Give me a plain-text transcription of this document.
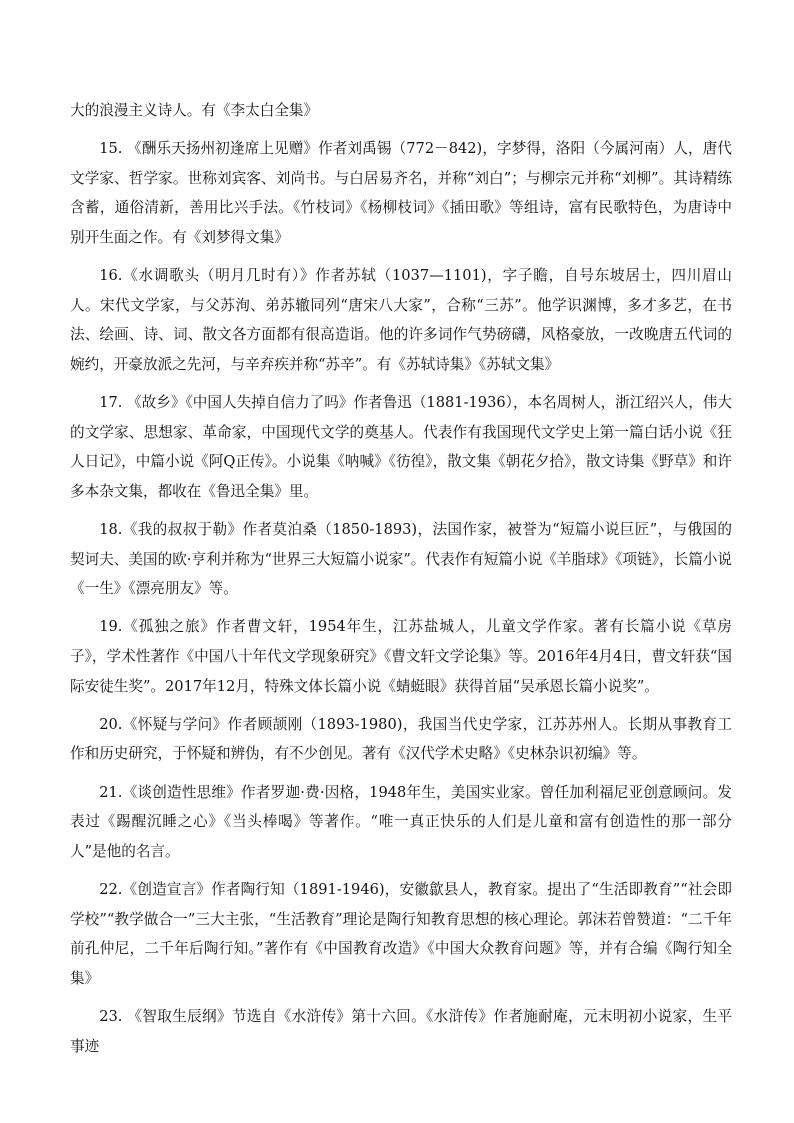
大的浪漫主义诗人。有《李太白全集》

15. 《酬乐天扬州初逢席上见赠》作者刘禹锡（772－842)，字梦得，洛阳（今属河南）人，唐代文学家、哲学家。世称刘宾客、刘尚书。与白居易齐名，并称“刘白”；与柳宗元并称“刘柳”。其诗精练含蓄，通俗清新，善用比兴手法。《竹枝词》《杨柳枝词》《插田歌》等组诗，富有民歌特色，为唐诗中别开生面之作。有《刘梦得文集》

16.《水调歌头（明月几时有）》作者苏轼（1037—1101)，字子瞻，自号东坡居士，四川眉山人。宋代文学家，与父苏洵、弟苏辙同列“唐宋八大家”，合称“三苏”。他学识渊博，多才多艺，在书法、绘画、诗、词、散文各方面都有很高造诣。他的许多词作气势磅礴，风格豪放，一改晚唐五代词的婉约，开豪放派之先河，与辛弃疾并称“苏辛”。有《苏轼诗集》《苏轼文集》

17. 《故乡》《中国人失掉自信力了吗》作者鲁迅（1881-1936），本名周树人，浙江绍兴人，伟大的文学家、思想家、革命家，中国现代文学的奠基人。代表作有我国现代文学史上第一篇白话小说《狂人日记》，中篇小说《阿Q正传》。小说集《呐喊》《彷徨》，散文集《朝花夕拾》，散文诗集《野草》和许多本杂文集，都收在《鲁迅全集》里。

18.《我的叔叔于勒》作者莫泊桑（1850-1893)，法国作家，被誉为“短篇小说巨匠”，与俄国的契诃夫、美国的欧·亨利并称为“世界三大短篇小说家”。代表作有短篇小说《羊脂球》《项链》，长篇小说《一生》《漂亮朋友》等。

19.《孤独之旅》作者曹文轩，1954年生，江苏盐城人，儿童文学作家。著有长篇小说《草房子》，学术性著作《中国八十年代文学现象研究》《曹文轩文学论集》等。2016年4月4日，曹文轩获“国际安徒生奖”。2017年12月，特殊文体长篇小说《蜻蜓眼》获得首届“吴承恩长篇小说奖”。

20.《怀疑与学问》作者顾颉刚（1893-1980)，我国当代史学家，江苏苏州人。长期从事教育工作和历史研究，于怀疑和辨伪，有不少创见。著有《汉代学术史略》《史林杂识初编》等。

21.《谈创造性思维》作者罗迦·费·因格，1948年生，美国实业家。曾任加利福尼亚创意顾问。发表过《踢醒沉睡之心》《当头棒喝》等著作。“唯一真正快乐的人们是儿童和富有创造性的那一部分人”是他的名言。

22.《创造宣言》作者陶行知（1891-1946)，安徽歙县人，教育家。提出了“生活即教育”“社会即学校”“教学做合一”三大主张，“生活教育”理论是陶行知教育思想的核心理论。郭沫若曾赞道：“二千年前孔仲尼，二千年后陶行知。”著作有《中国教育改造》《中国大众教育问题》等，并有合编《陶行知全集》

23. 《智取生辰纲》节选自《水浒传》第十六回。《水浒传》作者施耐庵，元末明初小说家，生平事迹
